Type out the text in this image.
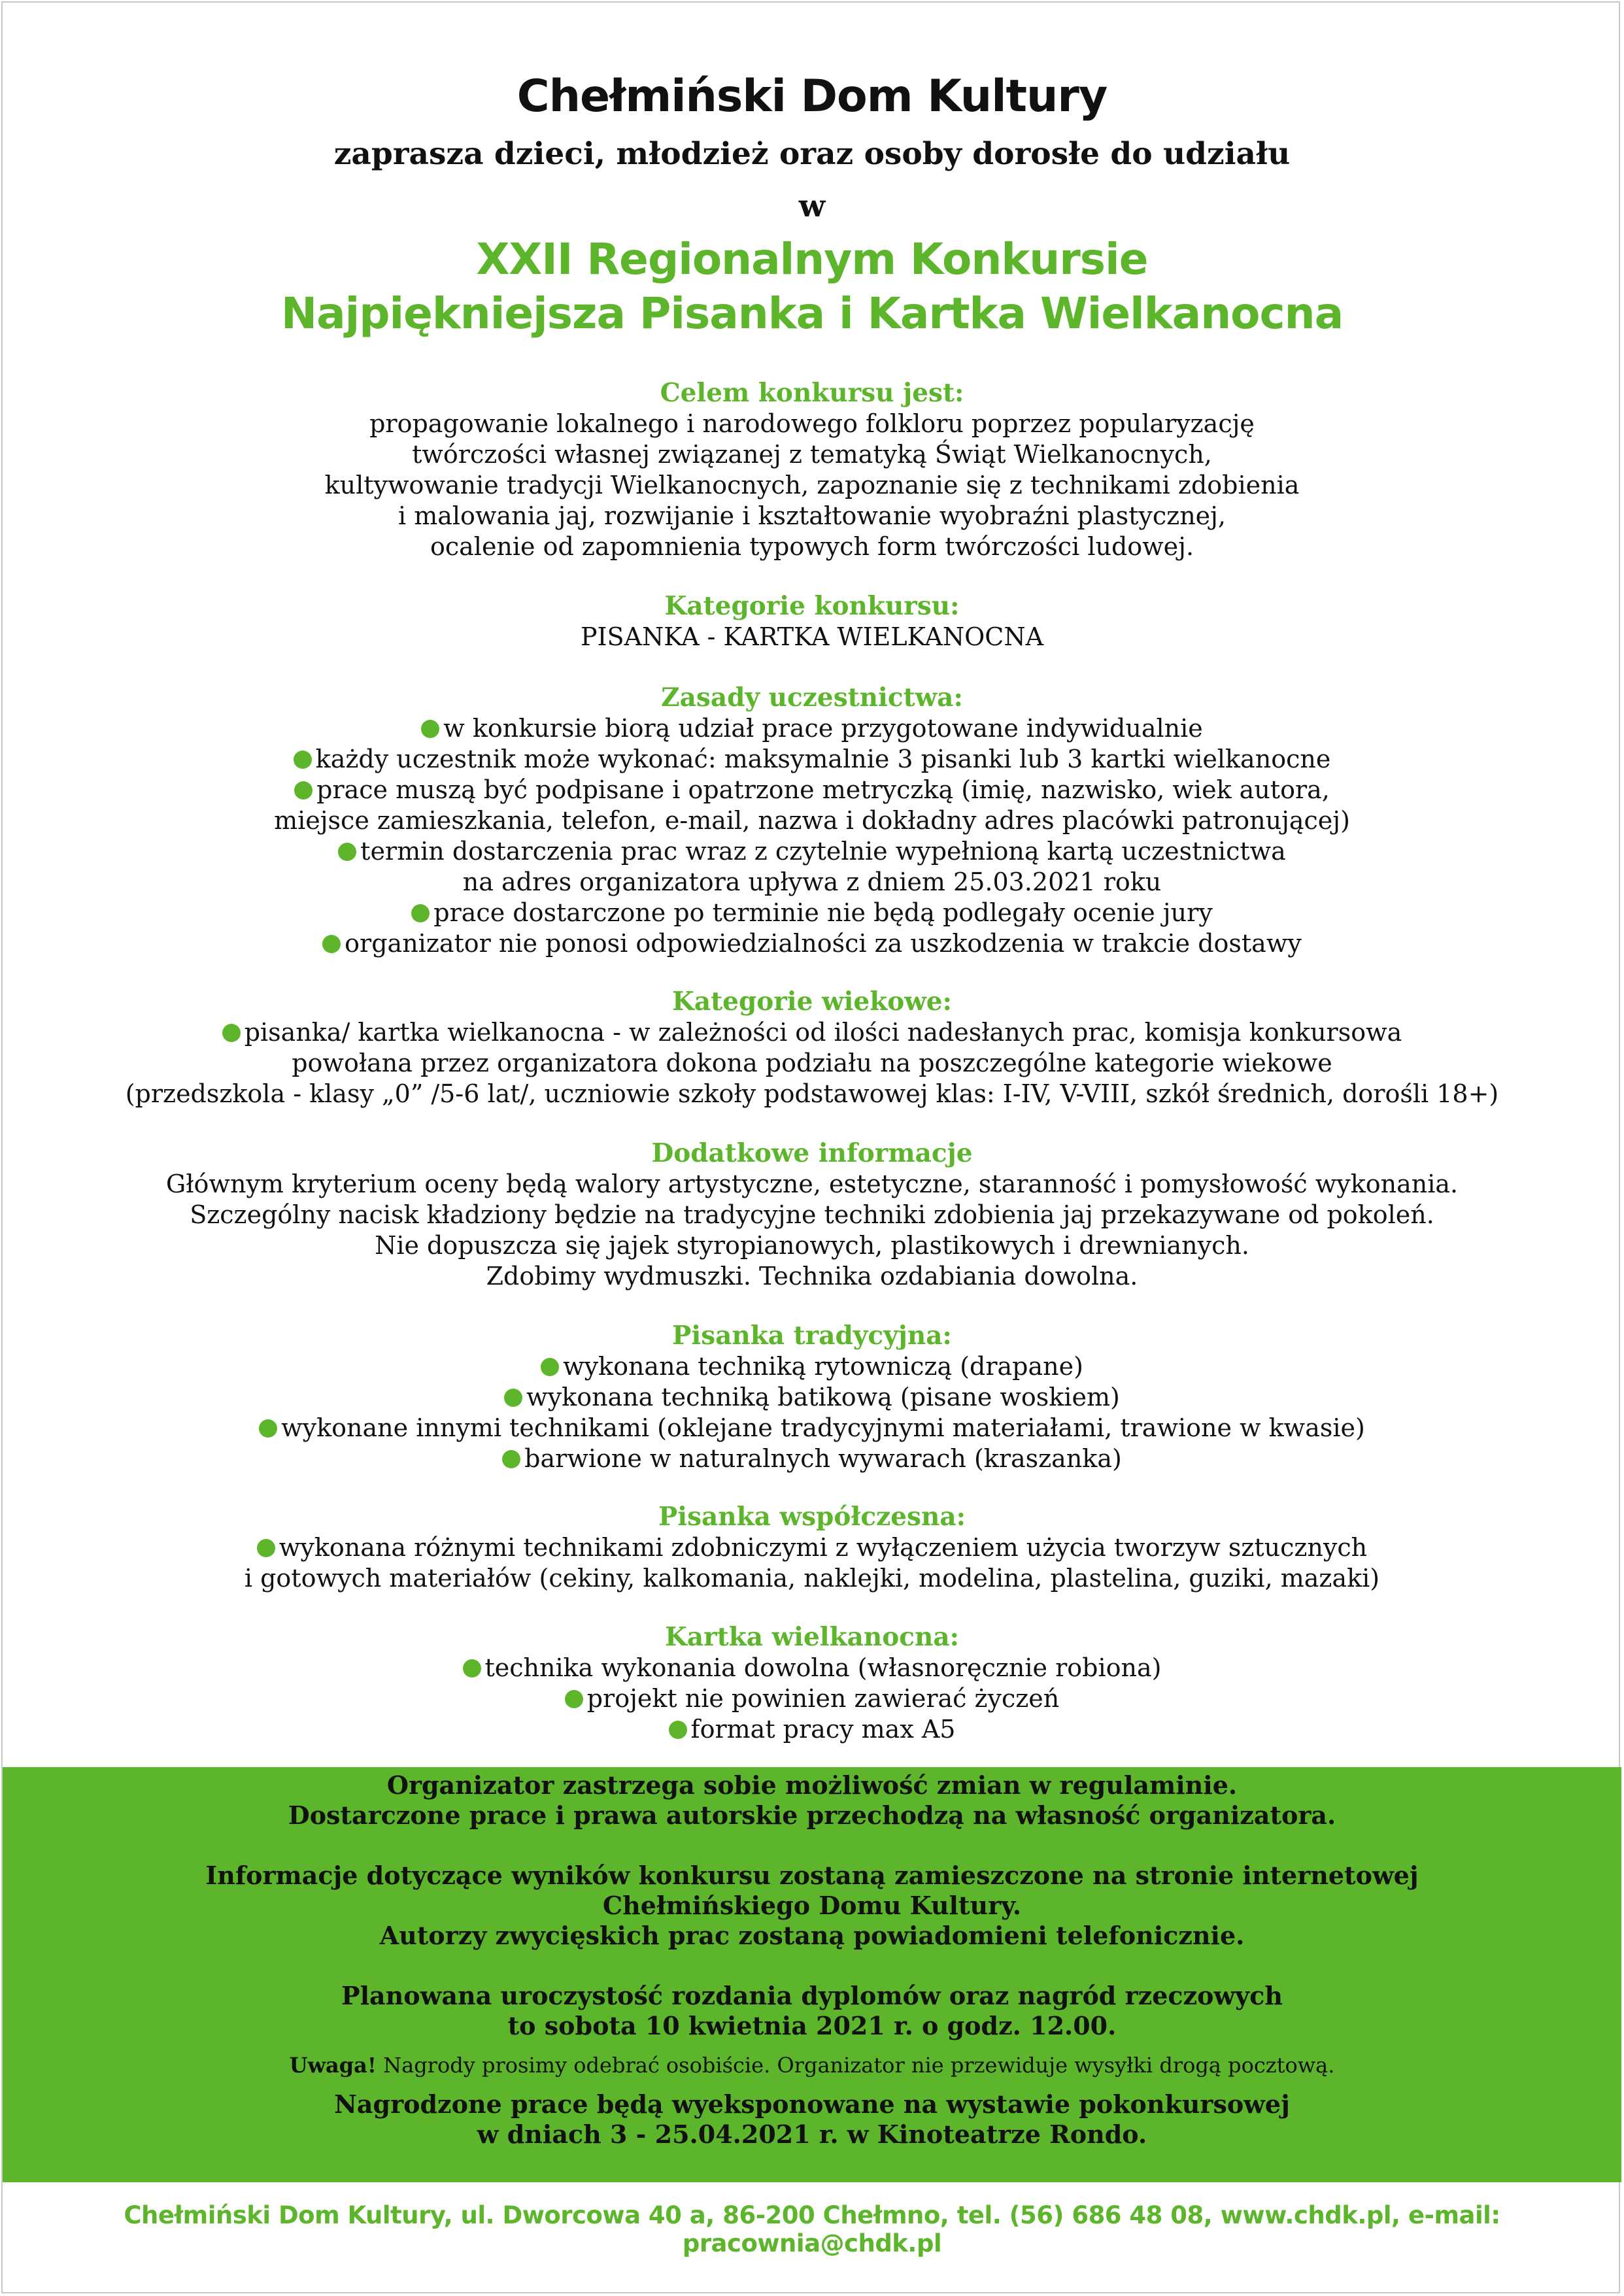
Chełmiński Dom Kultury
zaprasza dzieci, młodzież oraz osoby dorosłe do udziału
w
XXII Regionalnym Konkursie
Najpiękniejsza Pisanka i Kartka Wielkanocna
Celem konkursu jest:
propagowanie lokalnego i narodowego folkloru poprzez popularyzację
twórczości własnej związanej z tematyką Świąt Wielkanocnych,
kultywowanie tradycji Wielkanocnych, zapoznanie się z technikami zdobienia
i malowania jaj, rozwijanie i kształtowanie wyobraźni plastycznej,
ocalenie od zapomnienia typowych form twórczości ludowej.
Kategorie konkursu:
PISANKA - KARTKA WIELKANOCNA
Zasady uczestnictwa:
w konkursie biorą udział prace przygotowane indywidualnie
każdy uczestnik może wykonać: maksymalnie 3 pisanki lub 3 kartki wielkanocne
prace muszą być podpisane i opatrzone metryczką (imię, nazwisko, wiek autora,
miejsce zamieszkania, telefon, e-mail, nazwa i dokładny adres placówki patronującej)
termin dostarczenia prac wraz z czytelnie wypełnioną kartą uczestnictwa
na adres organizatora upływa z dniem 25.03.2021 roku
prace dostarczone po terminie nie będą podlegały ocenie jury
organizator nie ponosi odpowiedzialności za uszkodzenia w trakcie dostawy
Kategorie wiekowe:
pisanka/ kartka wielkanocna - w zależności od ilości nadesłanych prac, komisja konkursowa
powołana przez organizatora dokona podziału na poszczególne kategorie wiekowe
(przedszkola - klasy „0” /5-6 lat/, uczniowie szkoły podstawowej klas: I-IV, V-VIII, szkół średnich, dorośli 18+)
Dodatkowe informacje
Głównym kryterium oceny będą walory artystyczne, estetyczne, staranność i pomysłowość wykonania.
Szczególny nacisk kładziony będzie na tradycyjne techniki zdobienia jaj przekazywane od pokoleń.
Nie dopuszcza się jajek styropianowych, plastikowych i drewnianych.
Zdobimy wydmuszki. Technika ozdabiania dowolna.
Pisanka tradycyjna:
wykonana techniką rytowniczą (drapane)
wykonana techniką batikową (pisane woskiem)
wykonane innymi technikami (oklejane tradycyjnymi materiałami, trawione w kwasie)
barwione w naturalnych wywarach (kraszanka)
Pisanka współczesna:
wykonana różnymi technikami zdobniczymi z wyłączeniem użycia tworzyw sztucznych
i gotowych materiałów (cekiny, kalkomania, naklejki, modelina, plastelina, guziki, mazaki)
Kartka wielkanocna:
technika wykonania dowolna (własnoręcznie robiona)
projekt nie powinien zawierać życzeń
format pracy max A5
Organizator zastrzega sobie możliwość zmian w regulaminie.
Dostarczone prace i prawa autorskie przechodzą na własność organizatora.
Informacje dotyczące wyników konkursu zostaną zamieszczone na stronie internetowej
Chełmińskiego Domu Kultury.
Autorzy zwycięskich prac zostaną powiadomieni telefonicznie.
Planowana uroczystość rozdania dyplomów oraz nagród rzeczowych
to sobota 10 kwietnia 2021 r. o godz. 12.00.
Uwaga! Nagrody prosimy odebrać osobiście. Organizator nie przewiduje wysyłki drogą pocztową.
Nagrodzone prace będą wyeksponowane na wystawie pokonkursowej
w dniach 3 - 25.04.2021 r. w Kinoteatrze Rondo.
Chełmiński Dom Kultury, ul. Dworcowa 40 a, 86-200 Chełmno, tel. (56) 686 48 08, www.chdk.pl, e-mail: pracownia@chdk.pl
